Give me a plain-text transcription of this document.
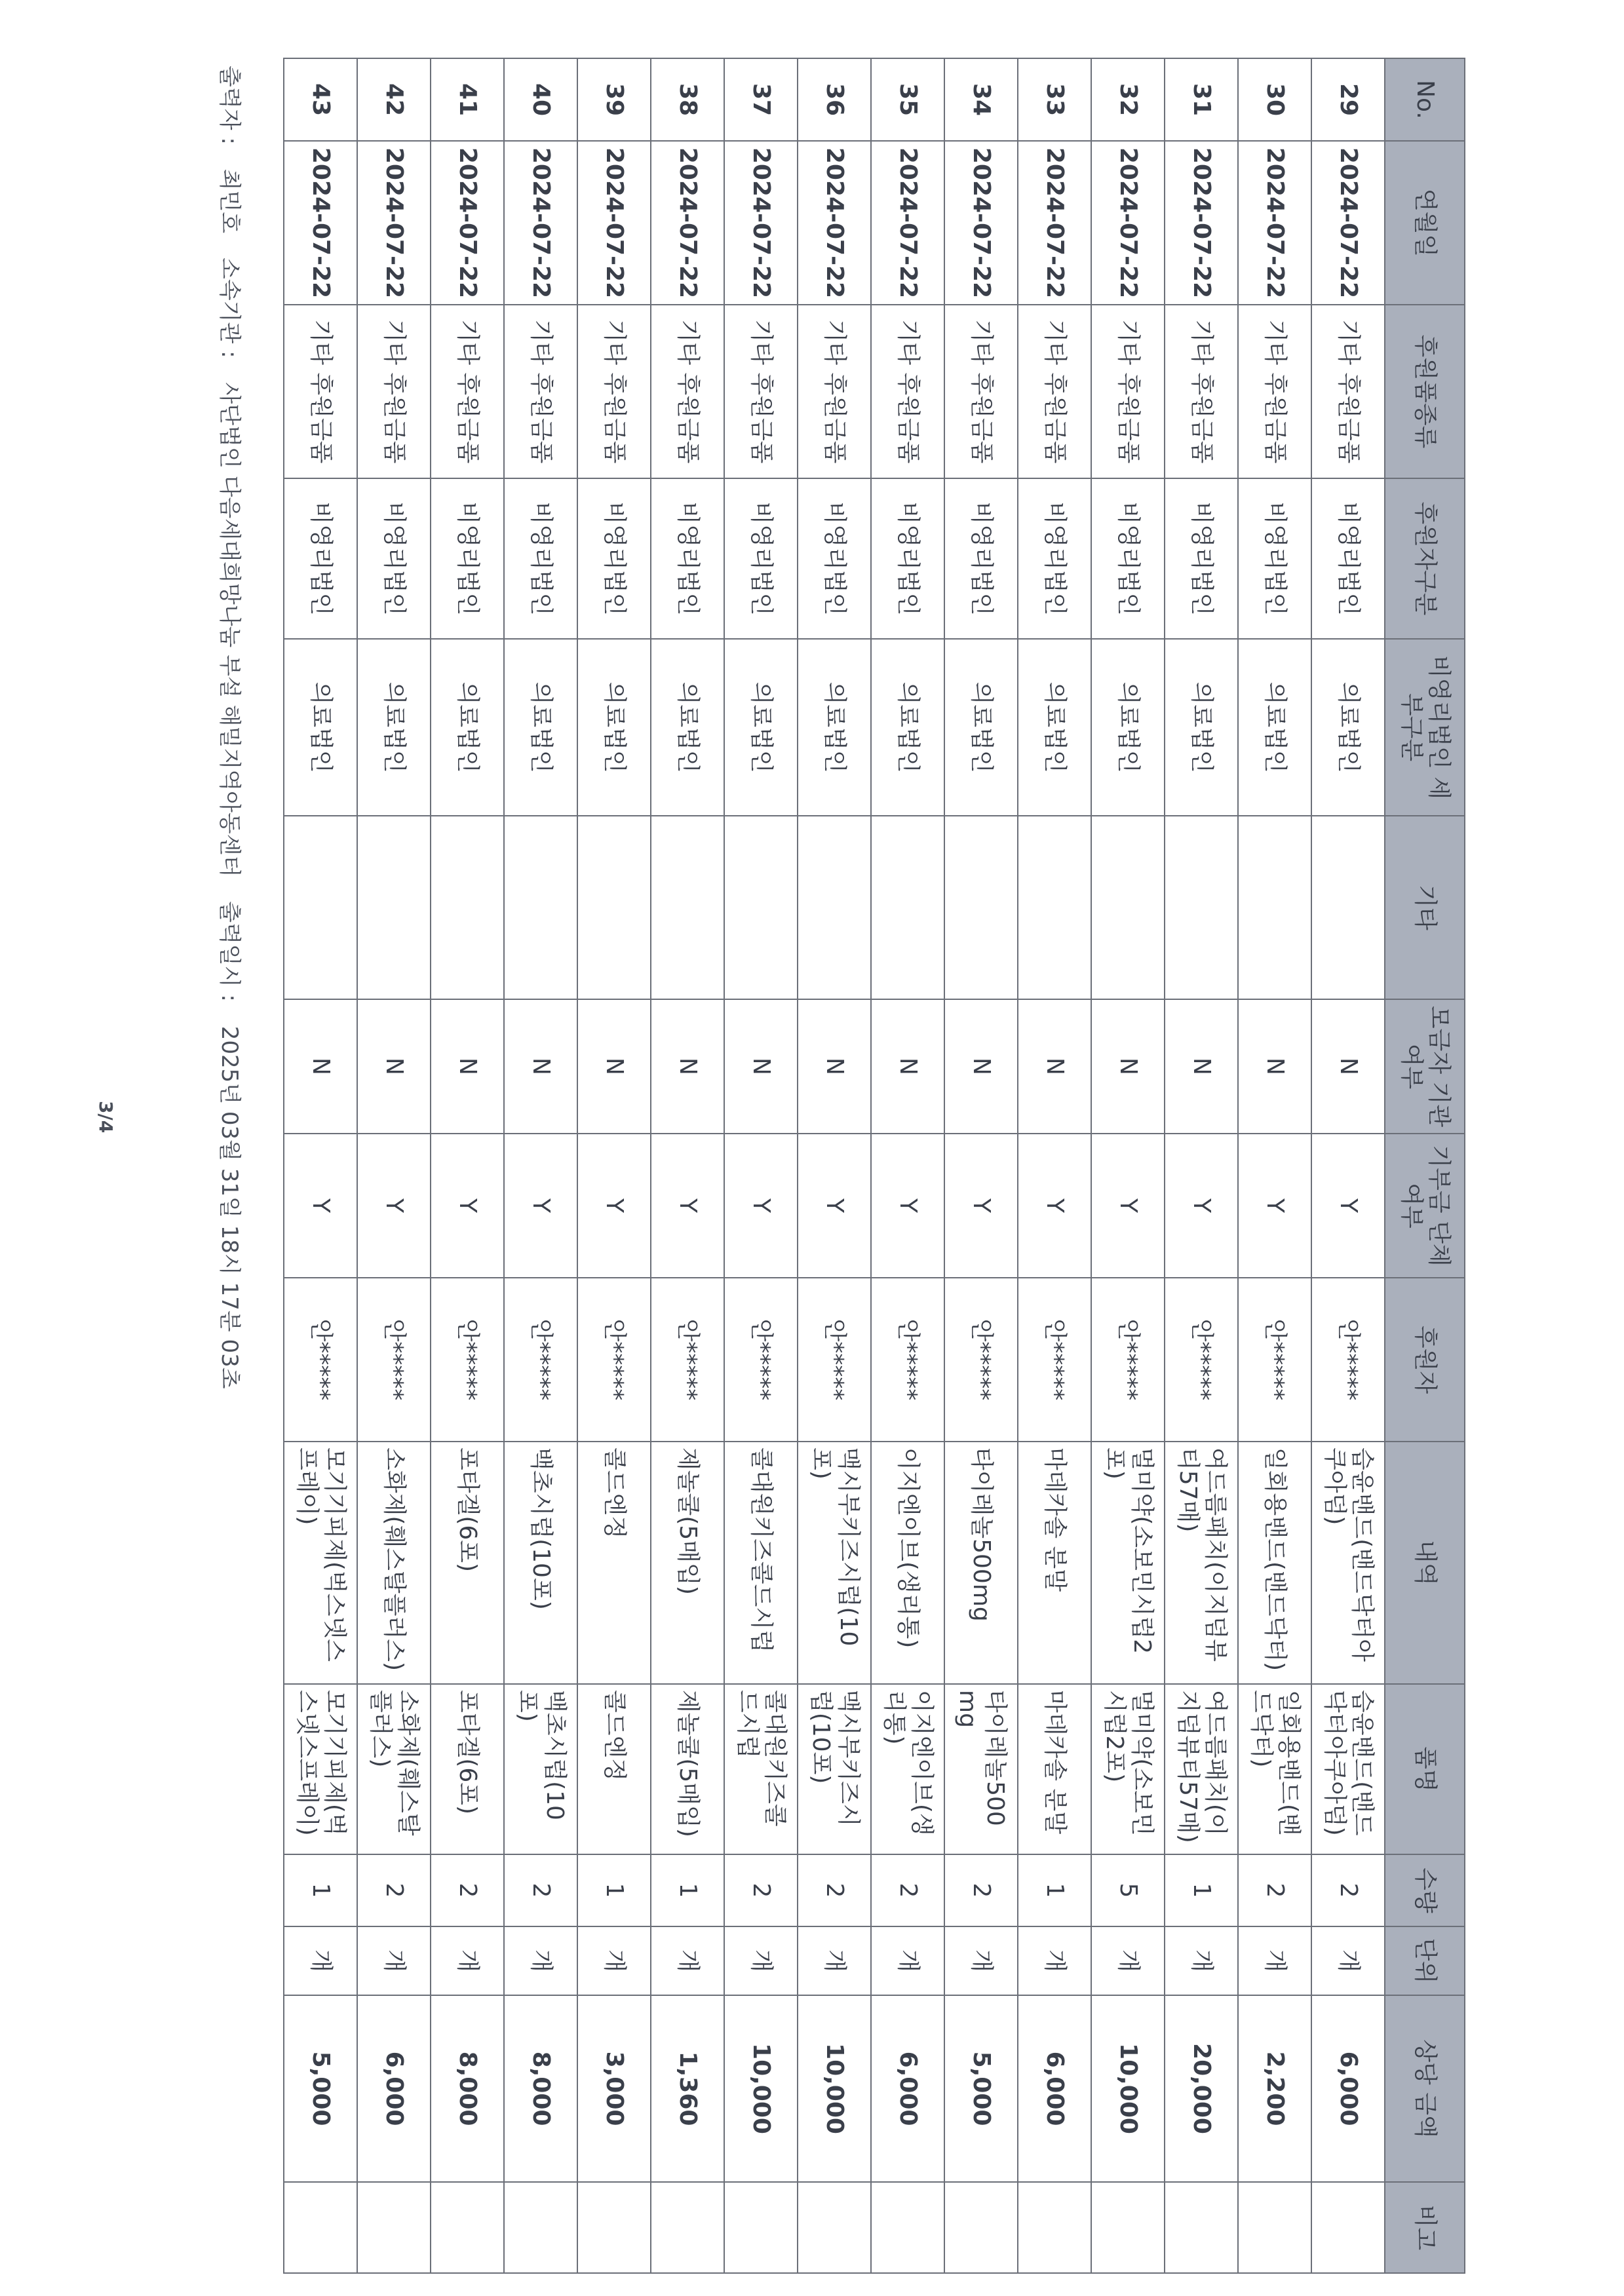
No.	연월일	후원품종류	후원자구분	비영리법인 세부구분	기타	모금자 기관여부	기부금 단체여부	후원자	내역	품명	수량	단위	상당 금액	비고
29	2024-07-22	기타 후원금품	비영리법인	의료법인		N	Y	안*****	습윤밴드(밴드닥터아쿠아덤)	습윤밴드(밴드닥터아쿠아덤)	2	개	6,000	
30	2024-07-22	기타 후원금품	비영리법인	의료법인		N	Y	안*****	일회용밴드(밴드닥터)	일회용밴드(밴드닥터)	2	개	2,200	
31	2024-07-22	기타 후원금품	비영리법인	의료법인		N	Y	안*****	여드름패치(이지덤뷰티57매)	여드름패치(이지덤뷰티57매)	1	개	20,000	
32	2024-07-22	기타 후원금품	비영리법인	의료법인		N	Y	안*****	멀미약(소보민시럽2포)	멀미약(소보민시럽2포)	5	개	10,000	
33	2024-07-22	기타 후원금품	비영리법인	의료법인		N	Y	안*****	마데카솔 분말	마데카솔 분말	1	개	6,000	
34	2024-07-22	기타 후원금품	비영리법인	의료법인		N	Y	안*****	타이레놀500mg	타이레놀500mg	2	개	5,000	
35	2024-07-22	기타 후원금품	비영리법인	의료법인		N	Y	안*****	이지엔이브(생리통)	이지엔이브(생리통)	2	개	6,000	
36	2024-07-22	기타 후원금품	비영리법인	의료법인		N	Y	안*****	맥시부키즈시럽(10포)	맥시부키즈시럽(10포)	2	개	10,000	
37	2024-07-22	기타 후원금품	비영리법인	의료법인		N	Y	안*****	콜대원키즈콜드시럽	콜대원키즈콜드시럽	2	개	10,000	
38	2024-07-22	기타 후원금품	비영리법인	의료법인		N	Y	안*****	제놀쿨(5매입)	제놀쿨(5매입)	1	개	1,360	
39	2024-07-22	기타 후원금품	비영리법인	의료법인		N	Y	안*****	콜드엔정	콜드엔정	1	개	3,000	
40	2024-07-22	기타 후원금품	비영리법인	의료법인		N	Y	안*****	백초시럽(10포)	백초시럽(10포)	2	개	8,000	
41	2024-07-22	기타 후원금품	비영리법인	의료법인		N	Y	안*****	포타겔(6포)	포타겔(6포)	2	개	8,000	
42	2024-07-22	기타 후원금품	비영리법인	의료법인		N	Y	안*****	소화제(훼스탈플러스)	소화제(훼스탈플러스)	2	개	6,000	
43	2024-07-22	기타 후원금품	비영리법인	의료법인		N	Y	안*****	모기기피제(벅스넷스프레이)	모기기피제(벅스넷스프레이)	1	개	5,000	
출력자 : 최민호 소속기관 : 사단법인 다음세대희망나눔 부설 해밀지역아동센터 출력일시 : 2025년 03월 31일 18시 17분 03초
3/4
